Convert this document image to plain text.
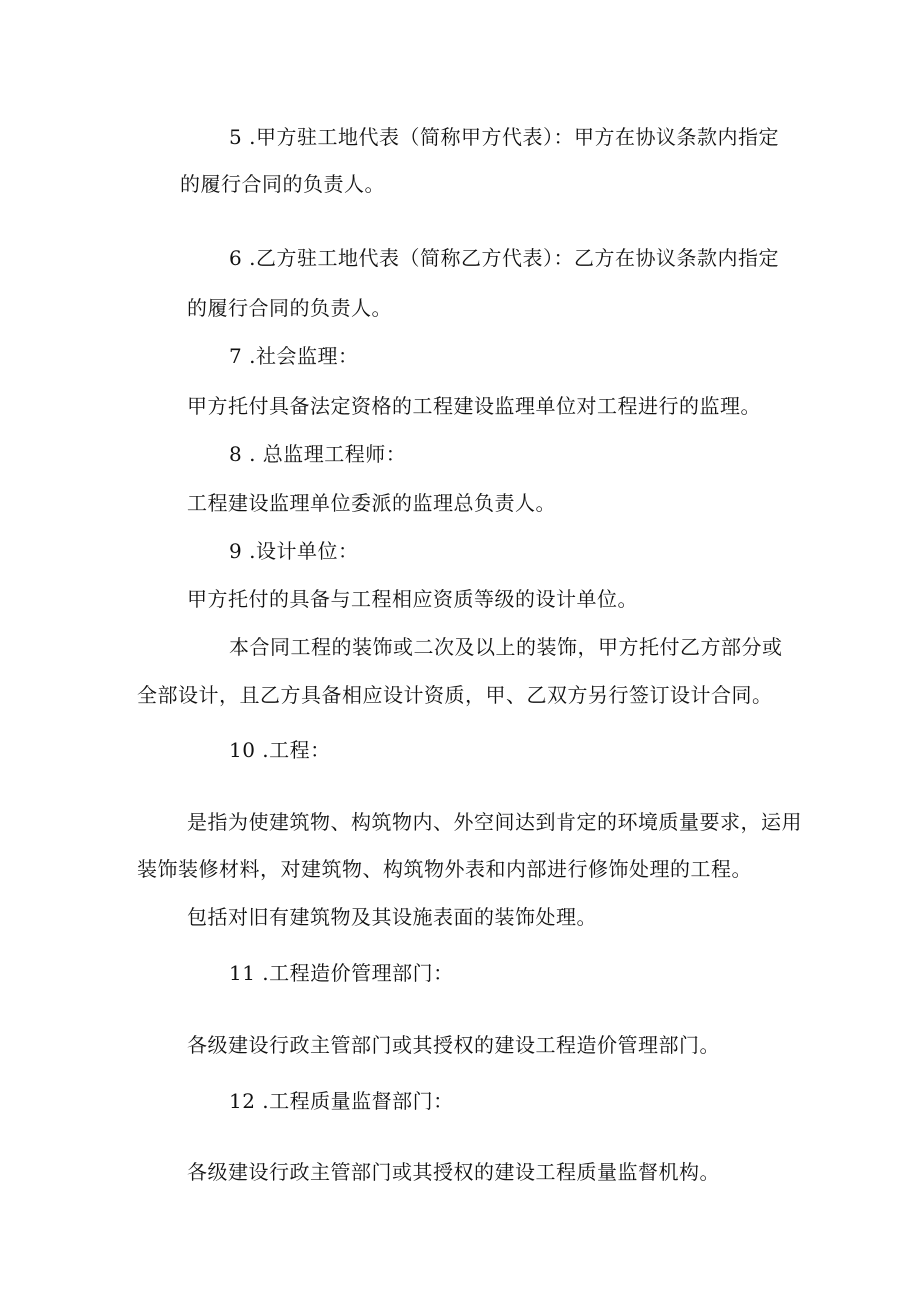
5 .甲方驻工地代表（简称甲方代表）：甲方在协议条款内指定
的履行合同的负责人。
6 .乙方驻工地代表（简称乙方代表）：乙方在协议条款内指定
的履行合同的负责人。
7 .社会监理：
甲方托付具备法定资格的工程建设监理单位对工程进行的监理。
8 . 总监理工程师：
工程建设监理单位委派的监理总负责人。
9 .设计单位：
甲方托付的具备与工程相应资质等级的设计单位。
本合同工程的装饰或二次及以上的装饰，甲方托付乙方部分或
全部设计，且乙方具备相应设计资质，甲、乙双方另行签订设计合同。
10 .工程：
是指为使建筑物、构筑物内、外空间达到肯定的环境质量要求，运用
装饰装修材料，对建筑物、构筑物外表和内部进行修饰处理的工程。
包括对旧有建筑物及其设施表面的装饰处理。
11 .工程造价管理部门：
各级建设行政主管部门或其授权的建设工程造价管理部门。
12 .工程质量监督部门：
各级建设行政主管部门或其授权的建设工程质量监督机构。
